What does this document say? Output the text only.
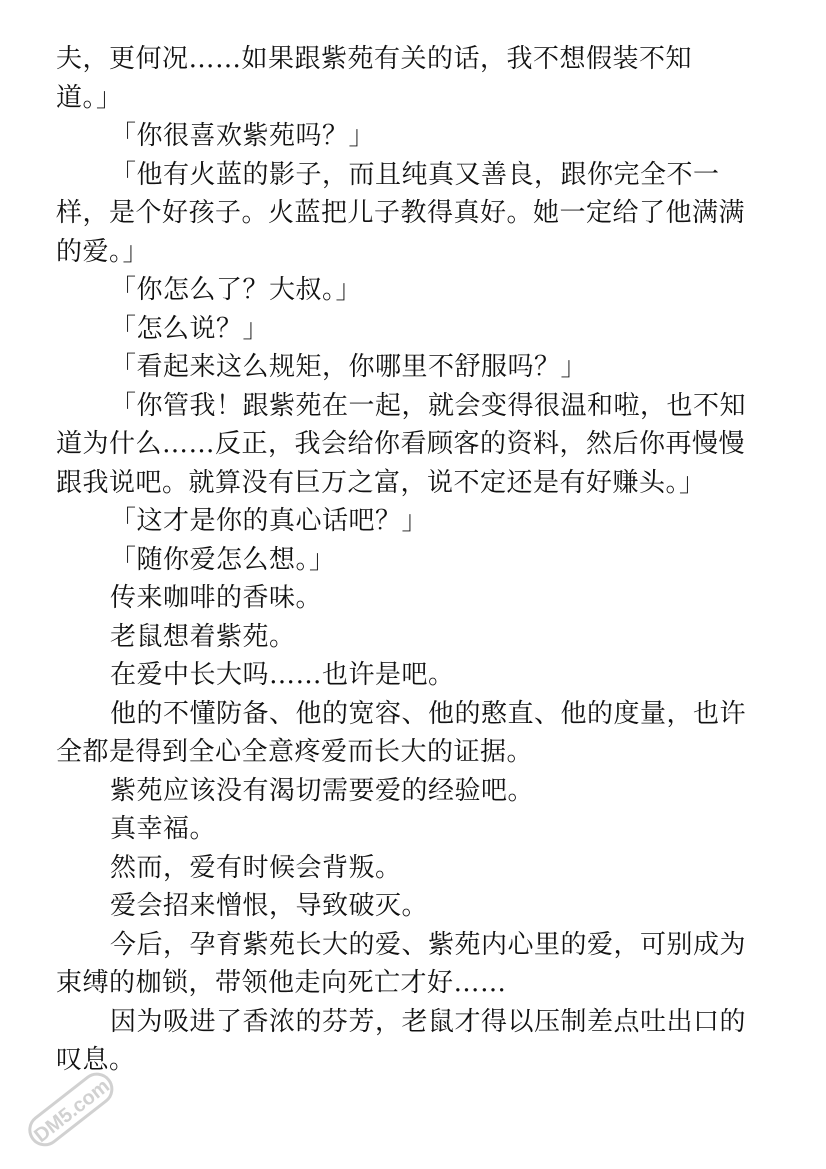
夫，更何况……如果跟紫苑有关的话，我不想假装不知
道。」
「你很喜欢紫苑吗？」
「他有火蓝的影子，而且纯真又善良，跟你完全不一
样，是个好孩子。火蓝把儿子教得真好。她一定给了他满满
的爱。」
「你怎么了？大叔。」
「怎么说？」
「看起来这么规矩，你哪里不舒服吗？」
「你管我！跟紫苑在一起，就会变得很温和啦，也不知
道为什么……反正，我会给你看顾客的资料，然后你再慢慢
跟我说吧。就算没有巨万之富，说不定还是有好赚头。」
「这才是你的真心话吧？」
「随你爱怎么想。」
传来咖啡的香味。
老鼠想着紫苑。
在爱中长大吗……也许是吧。
他的不懂防备、他的宽容、他的憨直、他的度量，也许
全都是得到全心全意疼爱而长大的证据。
紫苑应该没有渴切需要爱的经验吧。
真幸福。
然而，爱有时候会背叛。
爱会招来憎恨，导致破灭。
今后，孕育紫苑长大的爱、紫苑内心里的爱，可别成为
束缚的枷锁，带领他走向死亡才好……
因为吸进了香浓的芬芳，老鼠才得以压制差点吐出口的
叹息。
DM5.com
